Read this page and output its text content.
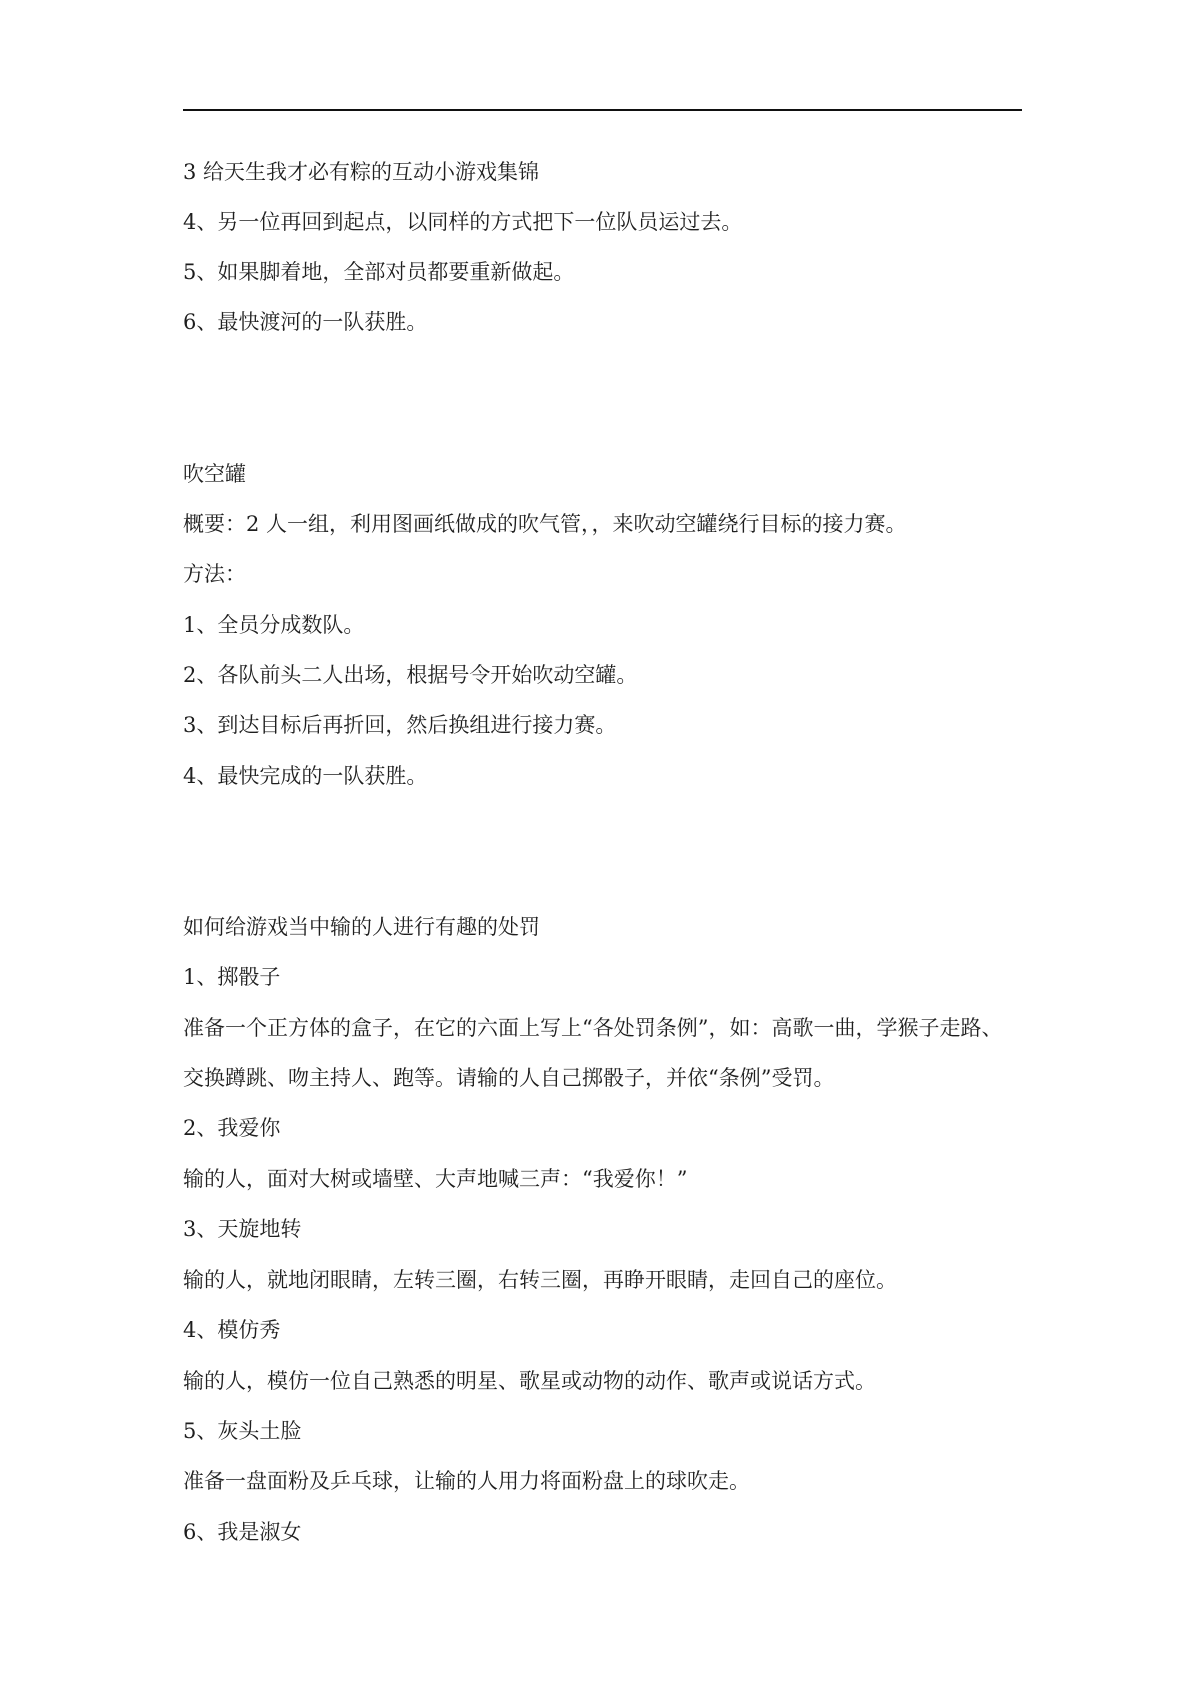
3 给天生我才必有粽的互动小游戏集锦

4、另一位再回到起点，以同样的方式把下一位队员运过去。

5、如果脚着地，全部对员都要重新做起。

6、最快渡河的一队获胜。

吹空罐

概要：2 人一组，利用图画纸做成的吹气管，，来吹动空罐绕行目标的接力赛。

方法：

1、全员分成数队。

2、各队前头二人出场，根据号令开始吹动空罐。

3、到达目标后再折回，然后换组进行接力赛。

4、最快完成的一队获胜。

如何给游戏当中输的人进行有趣的处罚

1、掷骰子

准备一个正方体的盒子，在它的六面上写上“各处罚条例”，如：高歌一曲，学猴子走路、

交换蹲跳、吻主持人、跑等。请输的人自己掷骰子，并依“条例”受罚。

2、我爱你

输的人，面对大树或墙壁、大声地喊三声：“我爱你！”

3、天旋地转

输的人，就地闭眼睛，左转三圈，右转三圈，再睁开眼睛，走回自己的座位。

4、模仿秀

输的人，模仿一位自己熟悉的明星、歌星或动物的动作、歌声或说话方式。

5、灰头土脸

准备一盘面粉及乒乓球，让输的人用力将面粉盘上的球吹走。

6、我是淑女
